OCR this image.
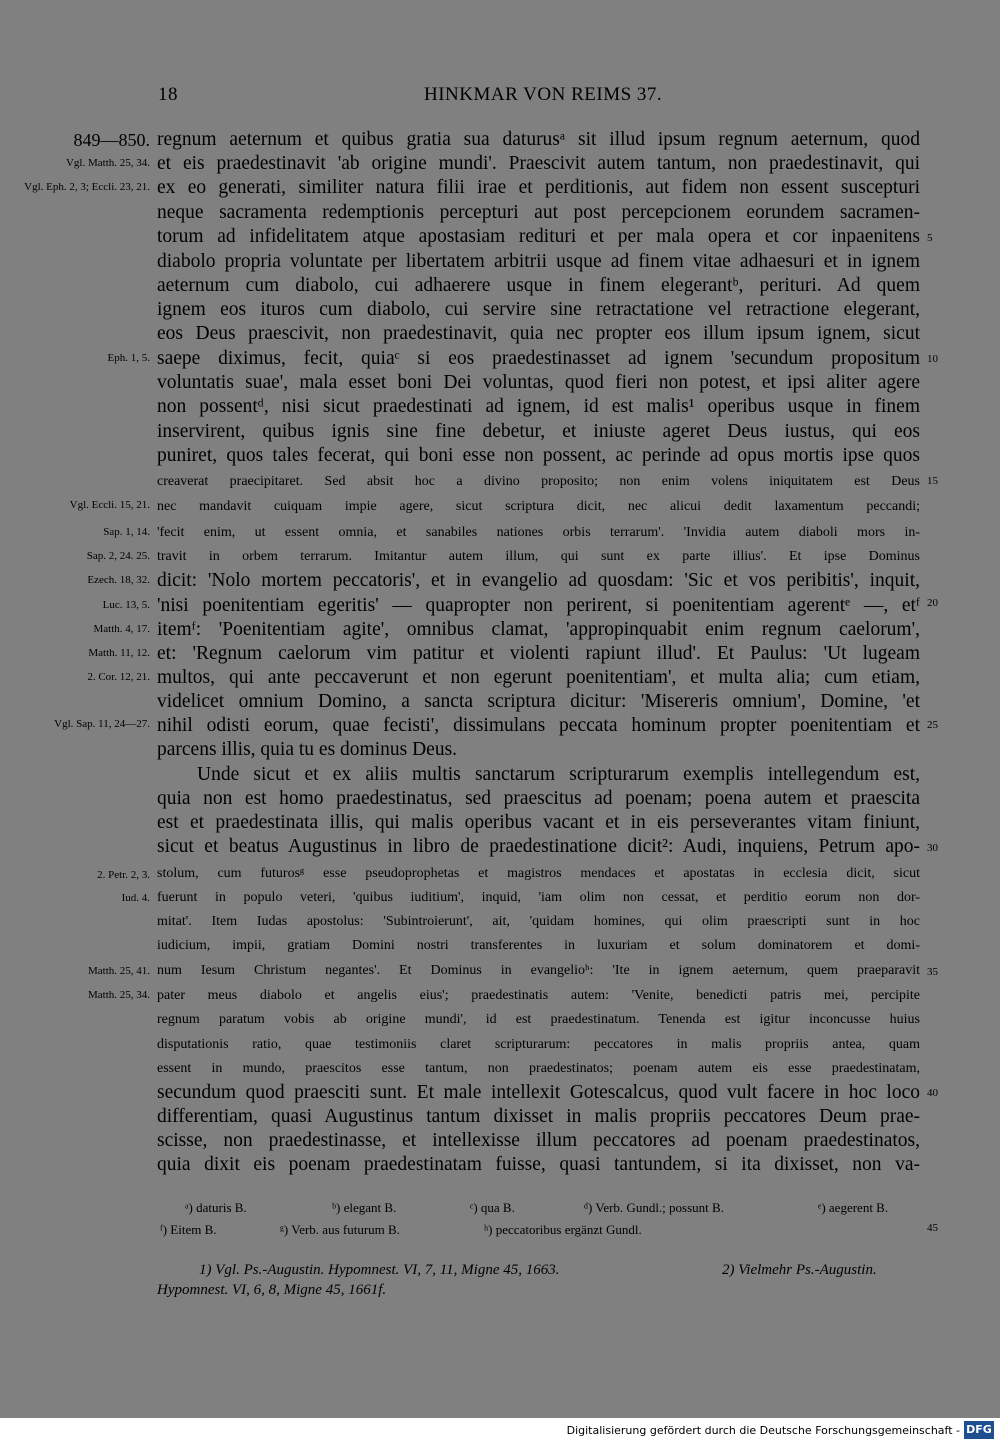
18	HINKMAR VON REIMS 37.
849—850.
Vgl. Matth. 25, 34.
Vgl. Eph. 2, 3; Eccli. 23, 21.
Eph. 1, 5.
Vgl. Eccli. 15, 21.
Sap. 1, 14.
Sap. 2, 24. 25.
Ezech. 18, 32.
Luc. 13, 5.
Matth. 4, 17.
Matth. 11, 12.
2. Cor. 12, 21.
Vgl. Sap. 11, 24—27.
2. Petr. 2, 3.
Iud. 4.
Matth. 25, 41.
Matth. 25, 34.
regnum aeternum et quibus gratia sua daturusᵃ sit illud ipsum regnum aeternum, quod
et eis praedestinavit 'ab origine mundi'. Praescivit autem tantum, non praedestinavit, qui
ex eo generati, similiter natura filii irae et perditionis, aut fidem non essent suscepturi
neque sacramenta redemptionis percepturi aut post percepcionem eorundem sacramen-
torum ad infidelitatem atque apostasiam redituri et per mala opera et cor inpaenitens
diabolo propria voluntate per libertatem arbitrii usque ad finem vitae adhaesuri et in ignem
aeternum cum diabolo, cui adhaerere usque in finem elegerantᵇ, perituri. Ad quem
ignem eos ituros cum diabolo, cui servire sine retractatione vel retractione elegerant,
eos Deus praescivit, non praedestinavit, quia nec propter eos illum ipsum ignem, sicut
saepe diximus, fecit, quiaᶜ si eos praedestinasset ad ignem 'secundum propositum
voluntatis suae', mala esset boni Dei voluntas, quod fieri non potest, et ipsi aliter agere
non possentᵈ, nisi sicut praedestinati ad ignem, id est malis¹ operibus usque in finem
inservirent, quibus ignis sine fine debetur, et iniuste ageret Deus iustus, qui eos
puniret, quos tales fecerat, qui boni esse non possent, ac perinde ad opus mortis ipse quos
creaverat praecipitaret. Sed absit hoc a divino proposito; non enim volens iniquitatem est Deus
nec mandavit cuiquam impie agere, sicut scriptura dicit, nec alicui dedit laxamentum peccandi;
'fecit enim, ut essent omnia, et sanabiles nationes orbis terrarum'. 'Invidia autem diaboli mors in-
travit in orbem terrarum. Imitantur autem illum, qui sunt ex parte illius'. Et ipse Dominus
dicit: 'Nolo mortem peccatoris', et in evangelio ad quosdam: 'Sic et vos peribitis', inquit,
'nisi poenitentiam egeritis' — quapropter non perirent, si poenitentiam agerentᵉ —, etᶠ
itemᶠ: 'Poenitentiam agite', omnibus clamat, 'appropinquabit enim regnum caelorum',
et: 'Regnum caelorum vim patitur et violenti rapiunt illud'. Et Paulus: 'Ut lugeam
multos, qui ante peccaverunt et non egerunt poenitentiam', et multa alia; cum etiam,
videlicet omnium Domino, a sancta scriptura dicitur: 'Misereris omnium', Domine, 'et
nihil odisti eorum, quae fecisti', dissimulans peccata hominum propter poenitentiam et
parcens illis, quia tu es dominus Deus.
Unde sicut et ex aliis multis sanctarum scripturarum exemplis intellegendum est,
quia non est homo praedestinatus, sed praescitus ad poenam; poena autem et praescita
est et praedestinata illis, qui malis operibus vacant et in eis perseverantes vitam finiunt,
sicut et beatus Augustinus in libro de praedestinatione dicit²: Audi, inquiens, Petrum apo-
stolum, cum futurosᵍ esse pseudoprophetas et magistros mendaces et apostatas in ecclesia dicit, sicut
fuerunt in populo veteri, 'quibus iuditium', inquid, 'iam olim non cessat, et perditio eorum non dor-
mitat'. Item Iudas apostolus: 'Subintroierunt', ait, 'quidam homines, qui olim praescripti sunt in hoc
iudicium, impii, gratiam Domini nostri transferentes in luxuriam et solum dominatorem et domi-
num Iesum Christum negantes'. Et Dominus in evangelioʰ: 'Ite in ignem aeternum, quem praeparavit
pater meus diabolo et angelis eius'; praedestinatis autem: 'Venite, benedicti patris mei, percipite
regnum paratum vobis ab origine mundi', id est praedestinatum. Tenenda est igitur inconcusse huius
disputationis ratio, quae testimoniis claret scripturarum: peccatores in malis propriis antea, quam
essent in mundo, praescitos esse tantum, non praedestinatos; poenam autem eis esse praedestinatam,
secundum quod praesciti sunt. Et male intellexit Gotescalcus, quod vult facere in hoc loco
differentiam, quasi Augustinus tantum dixisset in malis propriis peccatores Deum prae-
scisse, non praedestinasse, et intellexisse illum peccatores ad poenam praedestinatos,
quia dixit eis poenam praedestinatam fuisse, quasi tantundem, si ita dixisset, non va-
5
10
15
20
25
30
35
40
45
ᵃ) daturis B.	ᵇ) elegant B.	ᶜ) qua B.	ᵈ) Verb. Gundl.; possunt B.	ᵉ) aegerent B.
ᶠ) Eitem B.	ᵍ) Verb. aus futurum B.	ʰ) peccatoribus ergänzt Gundl.
1) Vgl. Ps.-Augustin. Hypomnest. VI, 7, 11, Migne 45, 1663.	2) Vielmehr Ps.-Augustin.
Hypomnest. VI, 6, 8, Migne 45, 1661f.
Digitalisierung gefördert durch die Deutsche Forschungsgemeinschaft - DFG
